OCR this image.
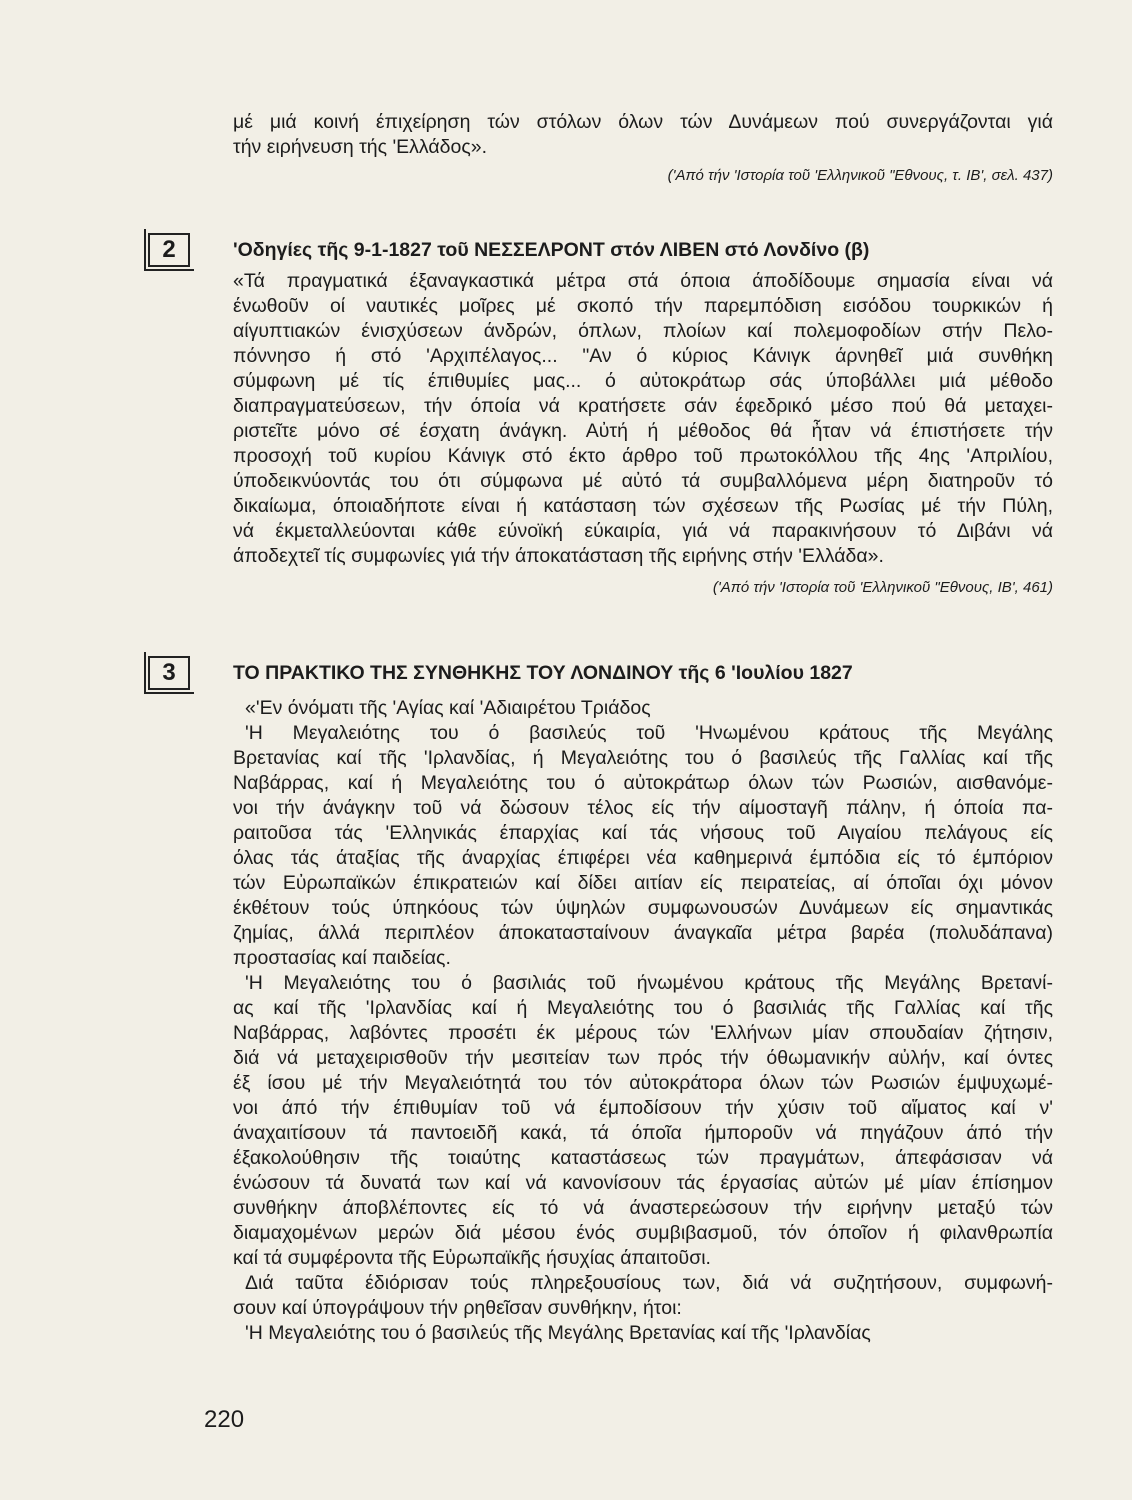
μέ μιά κοινή έπιχείρηση τών στόλων όλων τών Δυνάμεων πού συνεργάζονται γιά
τήν ειρήνευση τής 'Ελλάδος».
('Από τήν 'Ιστορία τοῦ 'Ελληνικοῦ "Εθνους, τ. ΙΒ', σελ. 437)
2	'Οδηγίες τῆς 9-1-1827 τοῦ ΝΕΣΣΕΛΡΟΝΤ στόν ΛΙΒΕΝ στό Λονδίνο (β)
«Τά πραγματικά έξαναγκαστικά μέτρα στά όποια άποδίδουμε σημασία είναι νά
ένωθοῦν οί ναυτικές μοῖρες μέ σκοπό τήν παρεμπόδιση εισόδου τουρκικών ή
αίγυπτιακών ένισχύσεων άνδρών, όπλων, πλοίων καί πολεμοφοδίων στήν Πελο-
πόννησο ή στό 'Αρχιπέλαγος... "Αν ό κύριος Κάνιγκ άρνηθεῖ μιά συνθήκη
σύμφωνη μέ τίς έπιθυμίες μας... ό αὐτοκράτωρ σάς ύποβάλλει μιά μέθοδο
διαπραγματεύσεων, τήν όποία νά κρατήσετε σάν έφεδρικό μέσο πού θά μεταχει-
ριστεῖτε μόνο σέ έσχατη άνάγκη. Αὐτή ή μέθοδος θά ἦταν νά έπιστήσετε τήν
προσοχή τοῦ κυρίου Κάνιγκ στό έκτο άρθρο τοῦ πρωτοκόλλου τῆς 4ης 'Απριλίου,
ύποδεικνύοντάς του ότι σύμφωνα μέ αὐτό τά συμβαλλόμενα μέρη διατηροῦν τό
δικαίωμα, όποιαδήποτε είναι ή κατάσταση τών σχέσεων τῆς Ρωσίας μέ τήν Πύλη,
νά έκμεταλλεύονται κάθε εύνοϊκή εύκαιρία, γιά νά παρακινήσουν τό Διβάνι νά
άποδεχτεῖ τίς συμφωνίες γιά τήν άποκατάσταση τῆς ειρήνης στήν 'Ελλάδα».
('Από τήν 'Ιστορία τοῦ 'Ελληνικοῦ "Εθνους, ΙΒ', 461)
3	ΤΟ ΠΡΑΚΤΙΚΟ ΤΗΣ ΣΥΝΘΗΚΗΣ ΤΟΥ ΛΟΝΔΙΝΟΥ τῆς 6 'Ιουλίου 1827
«'Εν όνόματι τῆς 'Αγίας καί 'Αδιαιρέτου Τριάδος
'Η Μεγαλειότης του ό βασιλεύς τοῦ 'Ηνωμένου κράτους τῆς Μεγάλης
Βρετανίας καί τῆς 'Ιρλανδίας, ή Μεγαλειότης του ό βασιλεύς τῆς Γαλλίας καί τῆς
Ναβάρρας, καί ή Μεγαλειότης του ό αὐτοκράτωρ όλων τών Ρωσιών, αισθανόμε-
νοι τήν άνάγκην τοῦ νά δώσουν τέλος είς τήν αίμοσταγῆ πάλην, ή όποία πα-
ραιτοῦσα τάς 'Ελληνικάς έπαρχίας καί τάς νήσους τοῦ Αιγαίου πελάγους είς
όλας τάς άταξίας τῆς άναρχίας έπιφέρει νέα καθημερινά έμπόδια είς τό έμπόριον
τών Εὐρωπαϊκών έπικρατειών καί δίδει αιτίαν είς πειρατείας, αί όποῖαι όχι μόνον
έκθέτουν τούς ύπηκόους τών ύψηλών συμφωνουσών Δυνάμεων είς σημαντικάς
ζημίας, άλλά περιπλέον άποκατασταίνουν άναγκαῖα μέτρα βαρέα (πολυδάπανα)
προστασίας καί παιδείας.
'Η Μεγαλειότης του ό βασιλιάς τοῦ ήνωμένου κράτους τῆς Μεγάλης Βρετανί-
ας καί τῆς 'Ιρλανδίας καί ή Μεγαλειότης του ό βασιλιάς τῆς Γαλλίας καί τῆς
Ναβάρρας, λαβόντες προσέτι έκ μέρους τών 'Ελλήνων μίαν σπουδαίαν ζήτησιν,
διά νά μεταχειρισθοῦν τήν μεσιτείαν των πρός τήν όθωμανικήν αὐλήν, καί όντες
έξ ίσου μέ τήν Μεγαλειότητά του τόν αὐτοκράτορα όλων τών Ρωσιών έμψυχωμέ-
νοι άπό τήν έπιθυμίαν τοῦ νά έμποδίσουν τήν χύσιν τοῦ αἵματος καί ν'
άναχαιτίσουν τά παντοειδῆ κακά, τά όποῖα ήμποροῦν νά πηγάζουν άπό τήν
έξακολούθησιν τῆς τοιαύτης καταστάσεως τών πραγμάτων, άπεφάσισαν νά
ένώσουν τά δυνατά των καί νά κανονίσουν τάς έργασίας αὐτών μέ μίαν έπίσημον
συνθήκην άποβλέποντες είς τό νά άναστερεώσουν τήν ειρήνην μεταξύ τών
διαμαχομένων μερών διά μέσου ένός συμβιβασμοῦ, τόν όποῖον ή φιλανθρωπία
καί τά συμφέροντα τῆς Εὐρωπαϊκῆς ήσυχίας άπαιτοῦσι.
Διά ταῦτα έδιόρισαν τούς πληρεξουσίους των, διά νά συζητήσουν, συμφωνή-
σουν καί ύπογράψουν τήν ρηθεῖσαν συνθήκην, ήτοι:
'Η Μεγαλειότης του ό βασιλεύς τῆς Μεγάλης Βρετανίας καί τῆς 'Ιρλανδίας
220
